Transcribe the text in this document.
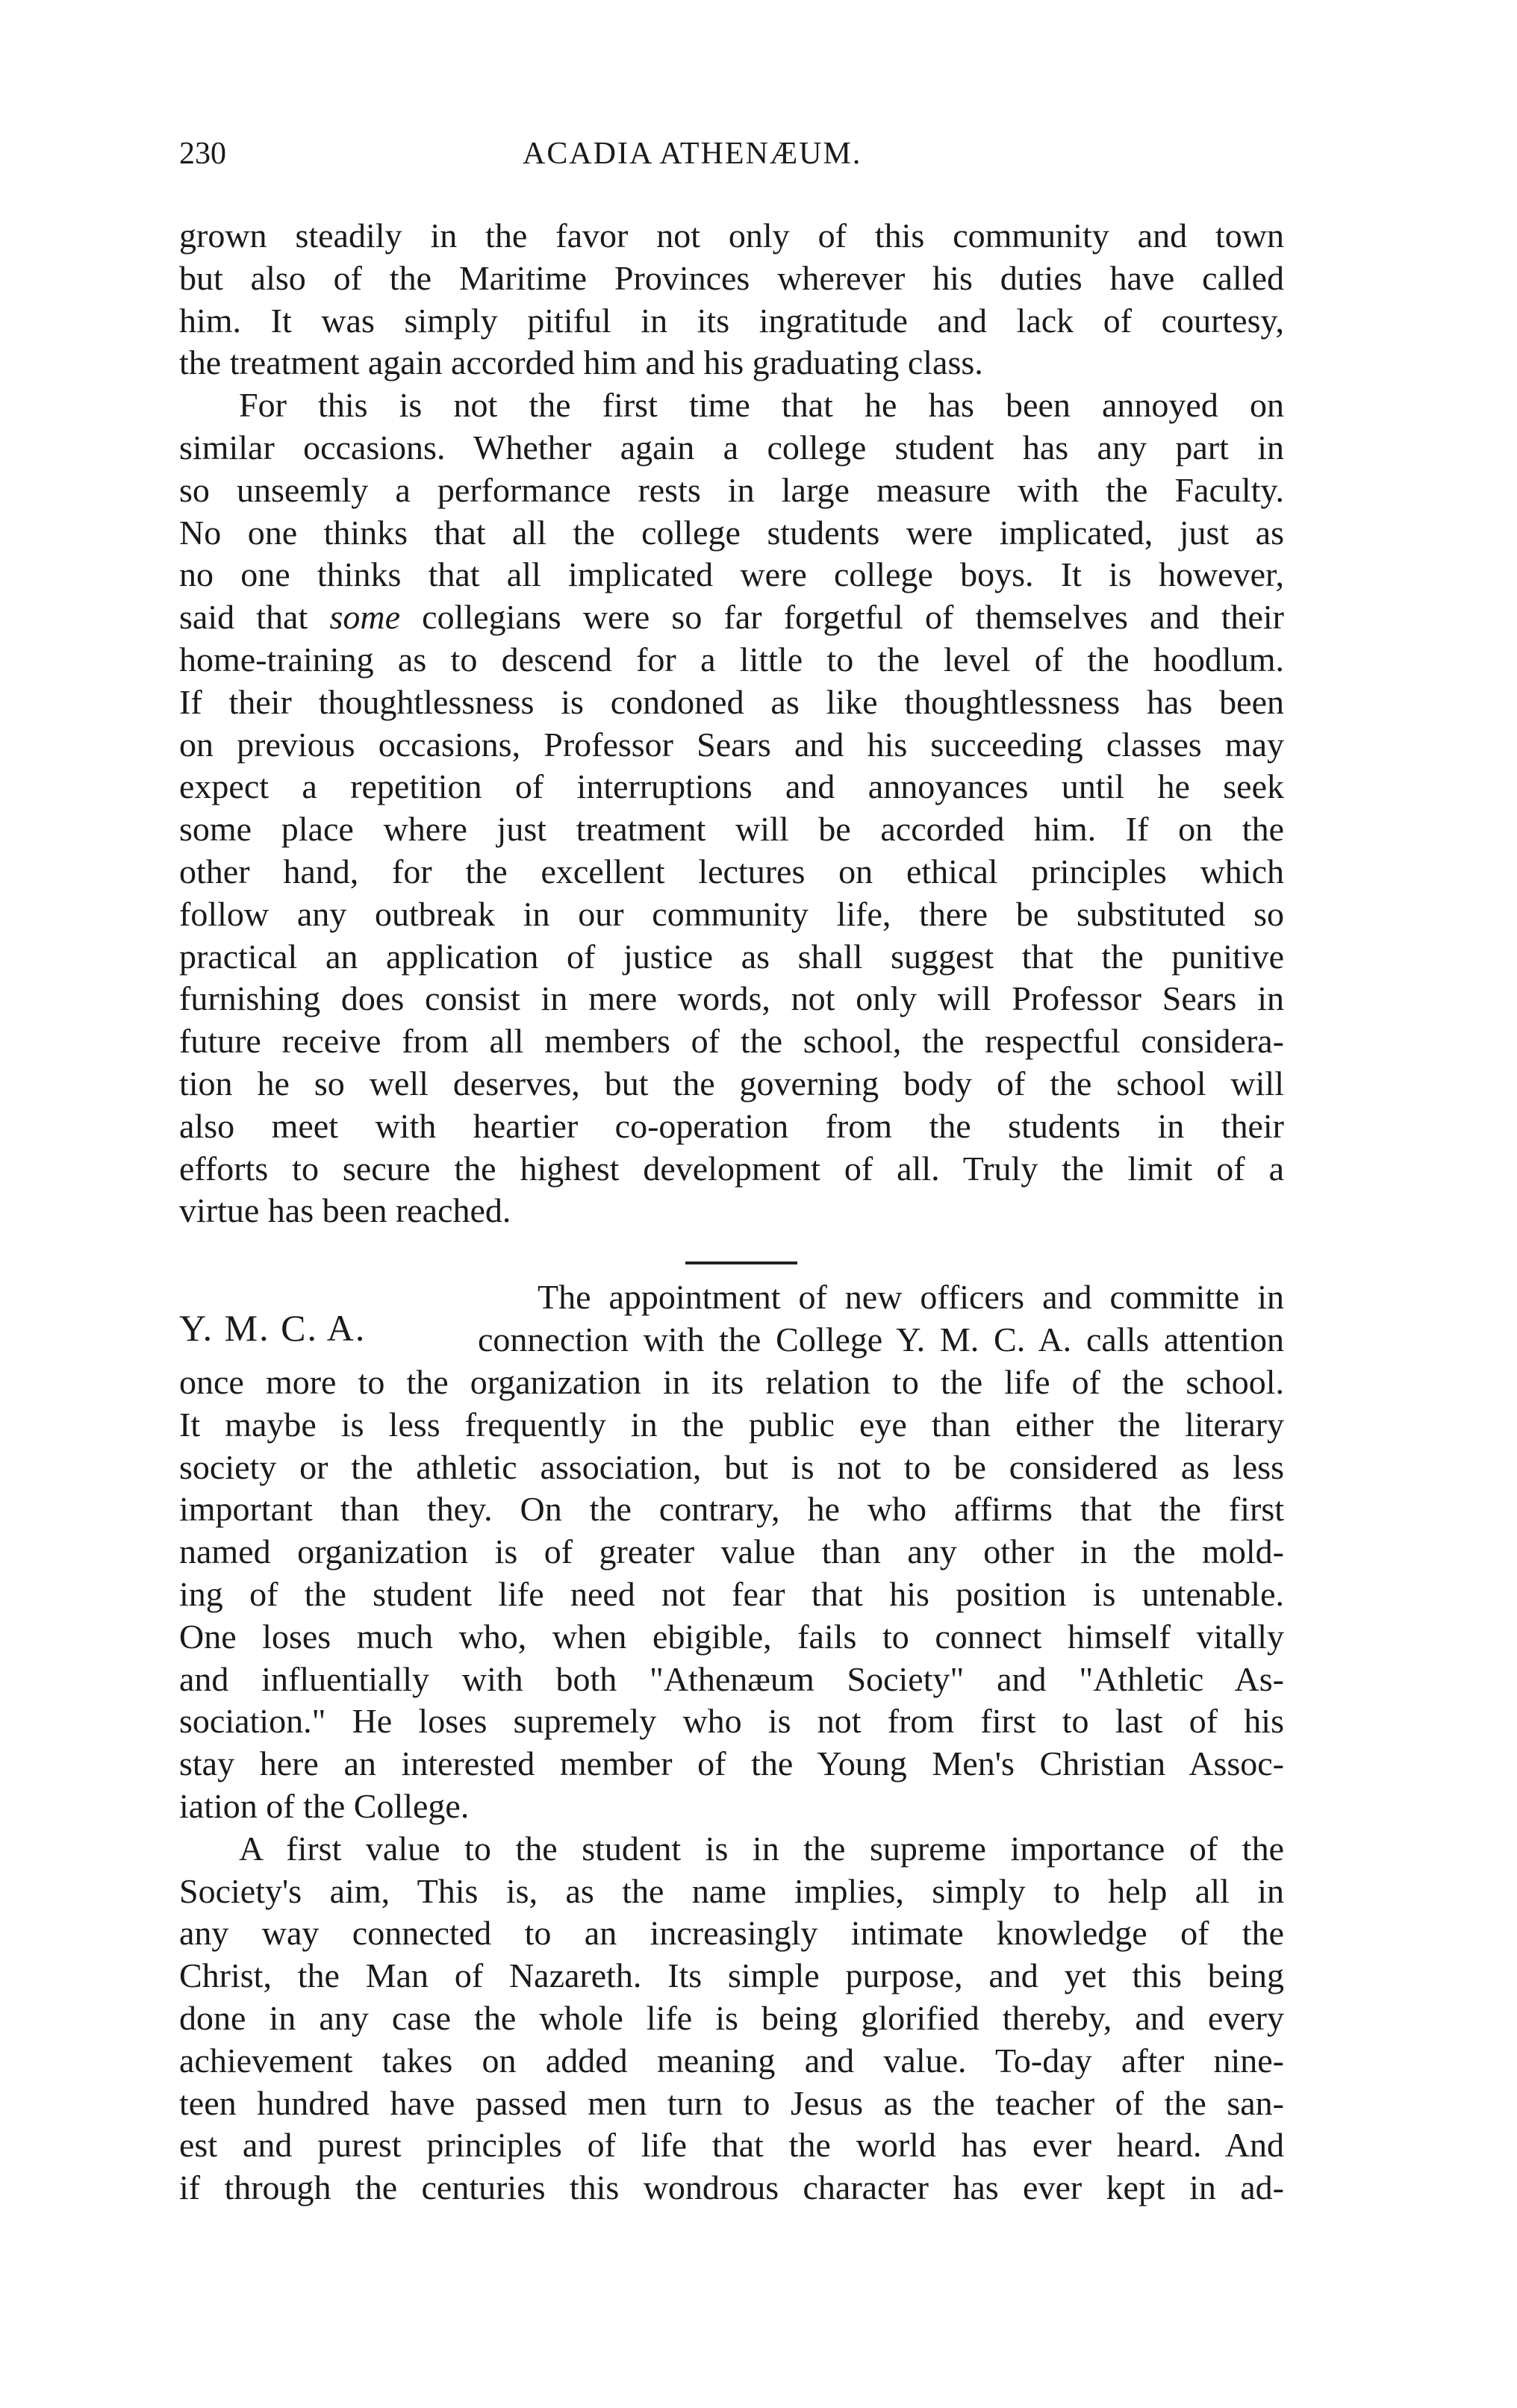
230	ACADIA ATHENÆUM.
grown steadily in the favor not only of this community and town
but also of the Maritime Provinces wherever his duties have called
him. It was simply pitiful in its ingratitude and lack of courtesy,
the treatment again accorded him and his graduating class.
For this is not the first time that he has been annoyed on
similar occasions. Whether again a college student has any part in
so unseemly a performance rests in large measure with the Faculty.
No one thinks that all the college students were implicated, just as
no one thinks that all implicated were college boys. It is however,
said that some collegians were so far forgetful of themselves and their
home-training as to descend for a little to the level of the hoodlum.
If their thoughtlessness is condoned as like thoughtlessness has been
on previous occasions, Professor Sears and his succeeding classes may
expect a repetition of interruptions and annoyances until he seek
some place where just treatment will be accorded him. If on the
other hand, for the excellent lectures on ethical principles which
follow any outbreak in our community life, there be substituted so
practical an application of justice as shall suggest that the punitive
furnishing does consist in mere words, not only will Professor Sears in
future receive from all members of the school, the respectful considera-
tion he so well deserves, but the governing body of the school will
also meet with heartier co-operation from the students in their
efforts to secure the highest development of all. Truly the limit of a
virtue has been reached.
Y. M. C. A.
The appointment of new officers and committe in
connection with the College Y. M. C. A. calls attention
once more to the organization in its relation to the life of the school.
It maybe is less frequently in the public eye than either the literary
society or the athletic association, but is not to be considered as less
important than they. On the contrary, he who affirms that the first
named organization is of greater value than any other in the mold-
ing of the student life need not fear that his position is untenable.
One loses much who, when ebigible, fails to connect himself vitally
and influentially with both "Athenæum Society" and "Athletic As-
sociation." He loses supremely who is not from first to last of his
stay here an interested member of the Young Men's Christian Assoc-
iation of the College.
A first value to the student is in the supreme importance of the
Society's aim, This is, as the name implies, simply to help all in
any way connected to an increasingly intimate knowledge of the
Christ, the Man of Nazareth. Its simple purpose, and yet this being
done in any case the whole life is being glorified thereby, and every
achievement takes on added meaning and value. To-day after nine-
teen hundred have passed men turn to Jesus as the teacher of the san-
est and purest principles of life that the world has ever heard. And
if through the centuries this wondrous character has ever kept in ad-
